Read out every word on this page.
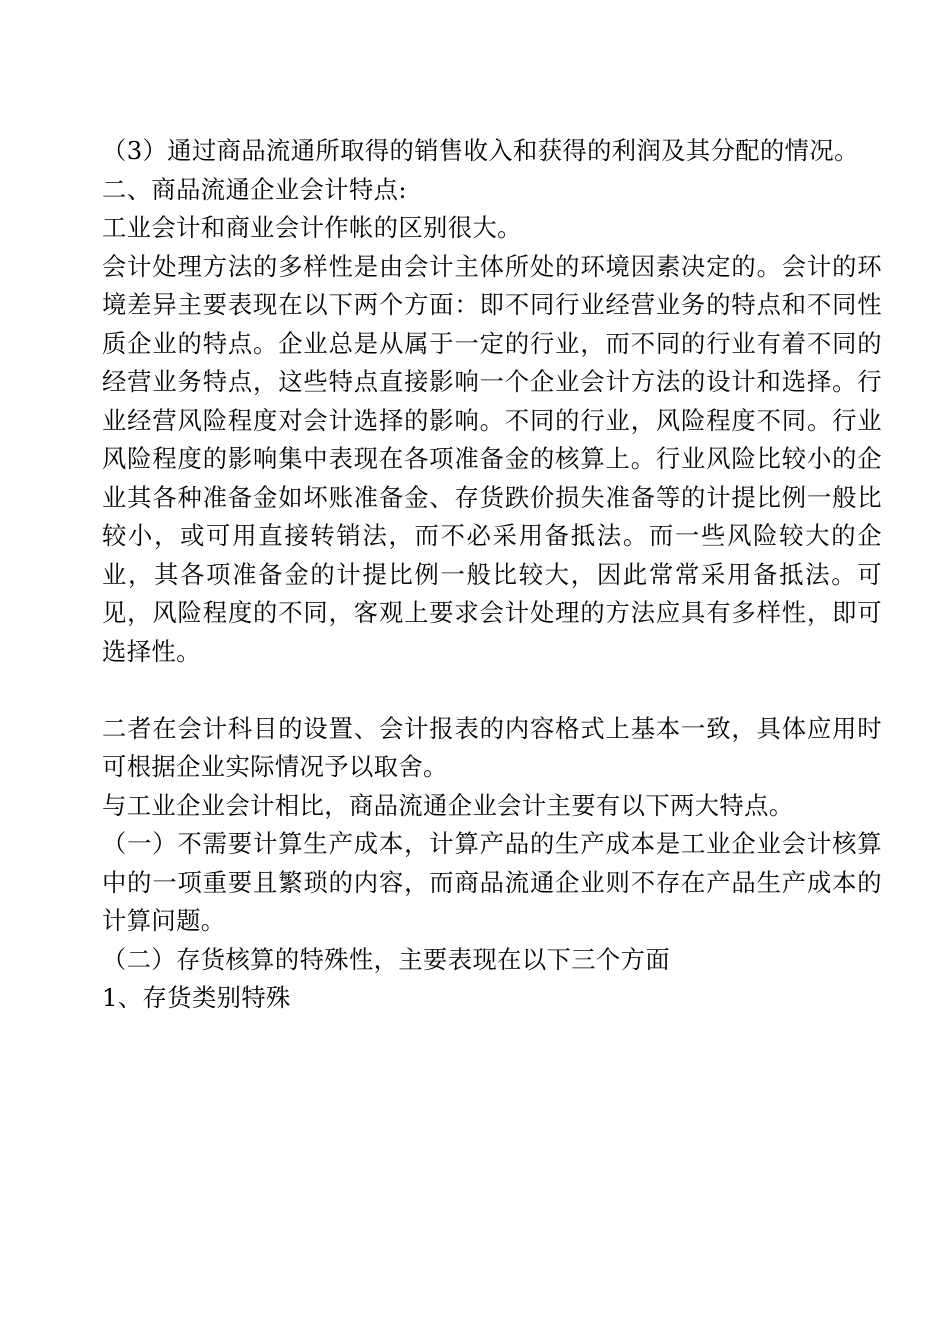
（3）通过商品流通所取得的销售收入和获得的利润及其分配的情况。

二、商品流通企业会计特点:

工业会计和商业会计作帐的区别很大。

会计处理方法的多样性是由会计主体所处的环境因素决定的。会计的环境差异主要表现在以下两个方面：即不同行业经营业务的特点和不同性质企业的特点。企业总是从属于一定的行业，而不同的行业有着不同的经营业务特点，这些特点直接影响一个企业会计方法的设计和选择。行业经营风险程度对会计选择的影响。不同的行业，风险程度不同。行业风险程度的影响集中表现在各项准备金的核算上。行业风险比较小的企业其各种准备金如坏账准备金、存货跌价损失准备等的计提比例一般比较小，或可用直接转销法，而不必采用备抵法。而一些风险较大的企业，其各项准备金的计提比例一般比较大，因此常常采用备抵法。可见，风险程度的不同，客观上要求会计处理的方法应具有多样性，即可选择性。

二者在会计科目的设置、会计报表的内容格式上基本一致，具体应用时可根据企业实际情况予以取舍。

与工业企业会计相比，商品流通企业会计主要有以下两大特点。

（一）不需要计算生产成本，计算产品的生产成本是工业企业会计核算中的一项重要且繁琐的内容，而商品流通企业则不存在产品生产成本的计算问题。

（二）存货核算的特殊性，主要表现在以下三个方面

1、存货类别特殊
